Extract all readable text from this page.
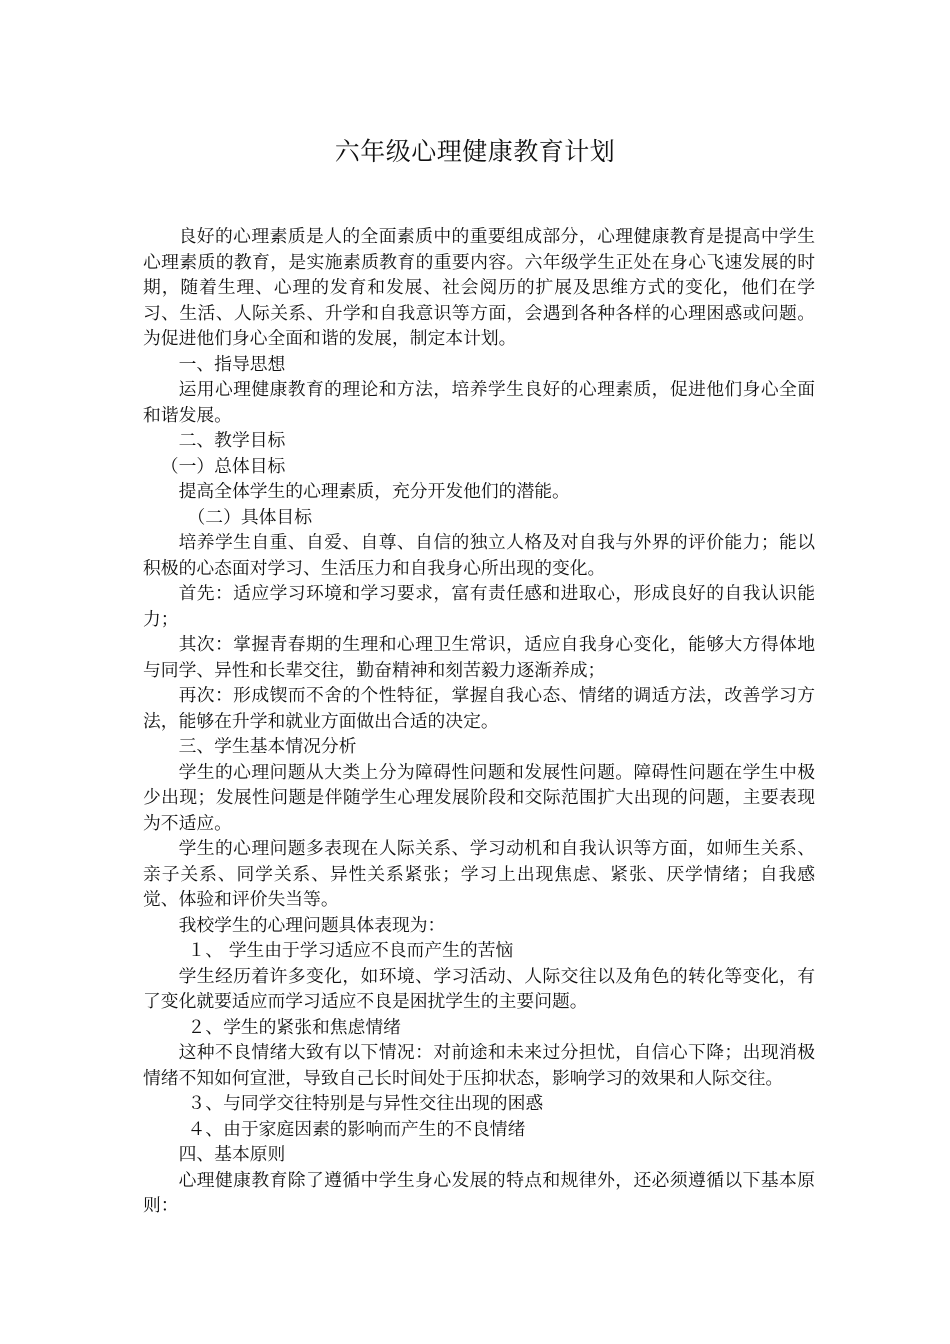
六年级心理健康教育计划

良好的心理素质是人的全面素质中的重要组成部分，心理健康教育是提高中学生心理素质的教育，是实施素质教育的重要内容。六年级学生正处在身心飞速发展的时期，随着生理、心理的发育和发展、社会阅历的扩展及思维方式的变化，他们在学习、生活、人际关系、升学和自我意识等方面，会遇到各种各样的心理困惑或问题。为促进他们身心全面和谐的发展，制定本计划。

一、指导思想

运用心理健康教育的理论和方法，培养学生良好的心理素质，促进他们身心全面和谐发展。

二、教学目标

（一）总体目标

提高全体学生的心理素质，充分开发他们的潜能。

（二）具体目标

培养学生自重、自爱、自尊、自信的独立人格及对自我与外界的评价能力；能以积极的心态面对学习、生活压力和自我身心所出现的变化。

首先：适应学习环境和学习要求，富有责任感和进取心，形成良好的自我认识能力；

其次：掌握青春期的生理和心理卫生常识，适应自我身心变化，能够大方得体地与同学、异性和长辈交往，勤奋精神和刻苦毅力逐渐养成；

再次：形成锲而不舍的个性特征，掌握自我心态、情绪的调适方法，改善学习方法，能够在升学和就业方面做出合适的决定。

三、学生基本情况分析

学生的心理问题从大类上分为障碍性问题和发展性问题。障碍性问题在学生中极少出现；发展性问题是伴随学生心理发展阶段和交际范围扩大出现的问题，主要表现为不适应。

学生的心理问题多表现在人际关系、学习动机和自我认识等方面，如师生关系、亲子关系、同学关系、异性关系紧张；学习上出现焦虑、紧张、厌学情绪；自我感觉、体验和评价失当等。

我校学生的心理问题具体表现为：

１、 学生由于学习适应不良而产生的苦恼

学生经历着许多变化，如环境、学习活动、人际交往以及角色的转化等变化，有了变化就要适应而学习适应不良是困扰学生的主要问题。

２、学生的紧张和焦虑情绪

这种不良情绪大致有以下情况：对前途和未来过分担忧，自信心下降；出现消极情绪不知如何宣泄，导致自己长时间处于压抑状态，影响学习的效果和人际交往。

３、与同学交往特别是与异性交往出现的困惑

４、由于家庭因素的影响而产生的不良情绪

四、基本原则

心理健康教育除了遵循中学生身心发展的特点和规律外，还必须遵循以下基本原则：
